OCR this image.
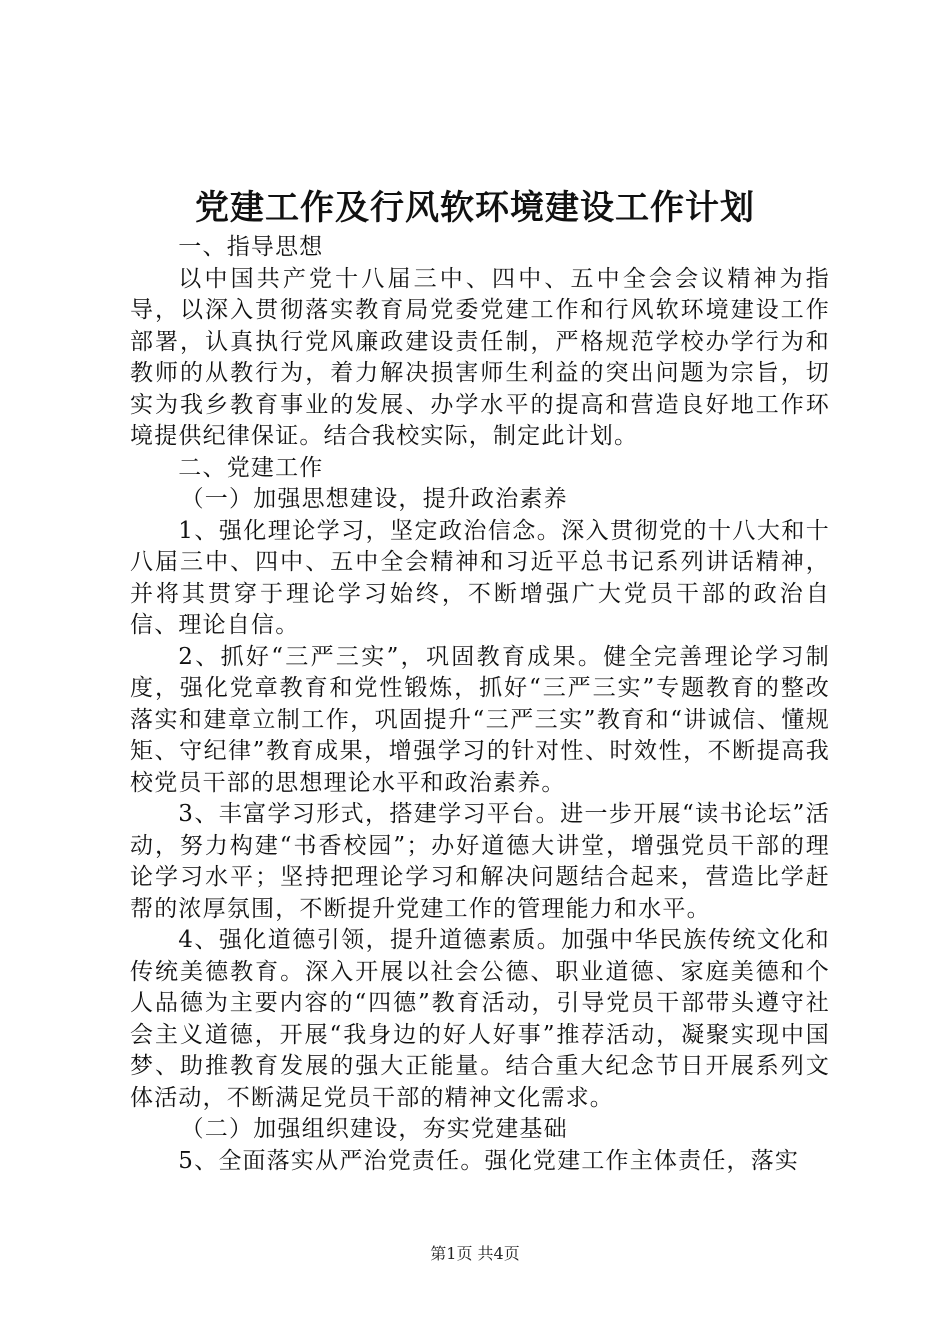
党建工作及行风软环境建设工作计划

一、指导思想

以中国共产党十八届三中、四中、五中全会会议精神为指导，以深入贯彻落实教育局党委党建工作和行风软环境建设工作部署，认真执行党风廉政建设责任制，严格规范学校办学行为和教师的从教行为，着力解决损害师生利益的突出问题为宗旨，切实为我乡教育事业的发展、办学水平的提高和营造良好地工作环境提供纪律保证。结合我校实际，制定此计划。

二、党建工作

（一）加强思想建设，提升政治素养

1、强化理论学习，坚定政治信念。深入贯彻党的十八大和十八届三中、四中、五中全会精神和习近平总书记系列讲话精神，并将其贯穿于理论学习始终，不断增强广大党员干部的政治自信、理论自信。

2、抓好“三严三实”，巩固教育成果。健全完善理论学习制度，强化党章教育和党性锻炼，抓好“三严三实”专题教育的整改落实和建章立制工作，巩固提升“三严三实”教育和“讲诚信、懂规矩、守纪律”教育成果，增强学习的针对性、时效性，不断提高我校党员干部的思想理论水平和政治素养。

3、丰富学习形式，搭建学习平台。进一步开展“读书论坛”活动，努力构建“书香校园”；办好道德大讲堂，增强党员干部的理论学习水平；坚持把理论学习和解决问题结合起来，营造比学赶帮的浓厚氛围，不断提升党建工作的管理能力和水平。

4、强化道德引领，提升道德素质。加强中华民族传统文化和传统美德教育。深入开展以社会公德、职业道德、家庭美德和个人品德为主要内容的“四德”教育活动，引导党员干部带头遵守社会主义道德，开展“我身边的好人好事”推荐活动，凝聚实现中国梦、助推教育发展的强大正能量。结合重大纪念节日开展系列文体活动，不断满足党员干部的精神文化需求。

（二）加强组织建设，夯实党建基础

5、全面落实从严治党责任。强化党建工作主体责任，落实

第1页 共4页
